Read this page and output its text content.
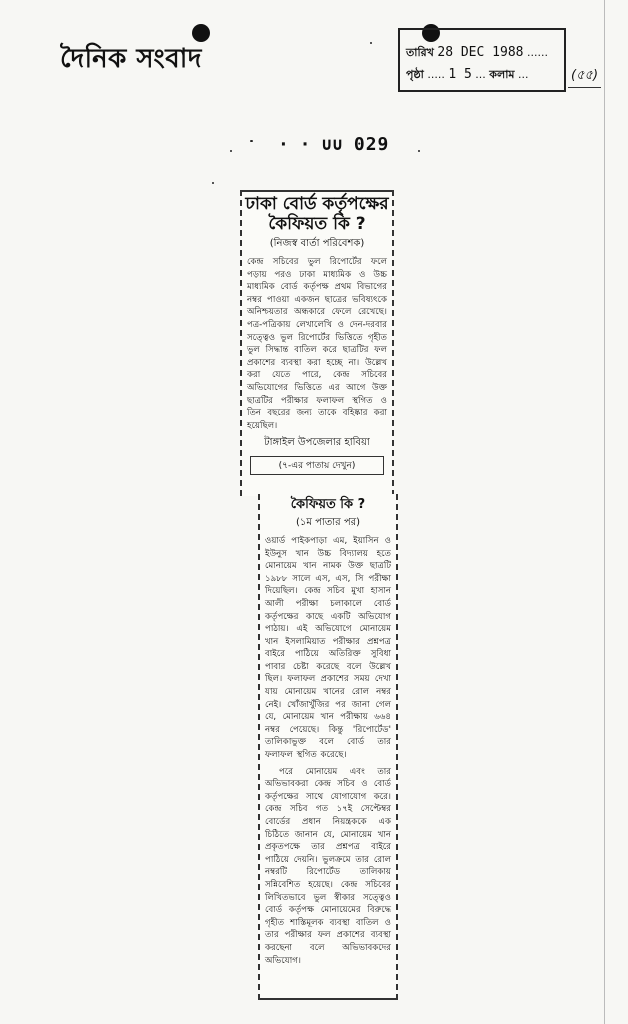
দৈনিক সংবাদ	তারিখ 28 DEC 1988 ......
পৃষ্ঠা ..... 1 5 ... কলাম ...	(৫৫)
· · ∪∪ 029
ঢাকা বোর্ড কর্তৃপক্ষের কৈফিয়ত কি ?
(নিজস্ব বার্তা পরিবেশক)
কেন্দ্র সচিবের ভুল রিপোর্টের ফলে পড়ায় পরও ঢাকা মাধ্যমিক ও উচ্চ মাধ্যমিক বোর্ড কর্তৃপক্ষ প্রথম বিভাগের নম্বর পাওয়া একজন ছাত্রের ভবিষ্যৎকে অনিশ্চয়তার অন্ধকারে ফেলে রেখেছে। পত্র-পত্রিকায় লেখালেখি ও দেন-দরবার সত্ত্বেও ভুল রিপোর্টের ভিত্তিতে গৃহীত ভুল সিদ্ধান্ত বাতিল করে ছাত্রটির ফল প্রকাশের ব্যবস্থা করা হচ্ছে না। উল্লেখ করা যেতে পারে, কেন্দ্র সচিবের অভিযোগের ভিত্তিতে এর আগে উক্ত ছাত্রটির পরীক্ষার ফলাফল স্থগিত ও তিন বছরের জন্য তাকে বহিষ্কার করা হয়েছিল।
টাঙ্গাইল উপজেলার হাবিয়া
(৭-এর পাতায় দেখুন)
কৈফিয়ত কি ?
(১ম পাতার পর)
ওয়ার্ড পাইকপাড়া এম, ইয়াসিন ও ইউনুস খান উচ্চ বিদ্যালয় হতে মোনায়েম খান নামক উক্ত ছাত্রটি ১৯৮৮ সালে এস, এস, সি পরীক্ষা দিয়েছিল। কেন্দ্র সচিব মুখা হাসান আলী পরীক্ষা চলাকালে বোর্ড কর্তৃপক্ষের কাছে একটি অভিযোগ পাঠায়। এই অভিযোগে মোনায়েম খান ইসলামিয়াত পরীক্ষার প্রশ্নপত্র বাইরে পাঠিয়ে অতিরিক্ত সুবিধা পাবার চেষ্টা করেছে বলে উল্লেখ ছিল। ফলাফল প্রকাশের সময় দেখা যায় মোনায়েম খানের রোল নম্বর নেই। খোঁজাখুঁজির পর জানা গেল যে, মোনায়েম খান পরীক্ষায় ৬৬৪ নম্বর পেয়েছে। কিন্তু 'রিপোর্টেড' তালিকাভুক্ত বলে বোর্ড তার ফলাফল স্থগিত করেছে।
পরে মোনায়েম এবং তার অভিভাবকরা কেন্দ্র সচিব ও বোর্ড কর্তৃপক্ষের সাথে যোগাযোগ করে। কেন্দ্র সচিব গত ১৭ই সেপ্টেম্বর বোর্ডের প্রধান নিয়ন্ত্রককে এক চিঠিতে জানান যে, মোনায়েম খান প্রকৃতপক্ষে তার প্রশ্নপত্র বাইরে পাঠিয়ে দেয়নি। ভুলক্রমে তার রোল নম্বরটি রিপোর্টেড তালিকায় সন্নিবেশিত হয়েছে। কেন্দ্র সচিবের লিখিতভাবে ভুল স্বীকার সত্ত্বেও বোর্ড কর্তৃপক্ষ মোনায়েমের বিরুদ্ধে গৃহীত শাস্তিমূলক ব্যবস্থা বাতিল ও তার পরীক্ষার ফল প্রকাশের ব্যবস্থা করছেনা বলে অভিভাবকদের অভিযোগ।
